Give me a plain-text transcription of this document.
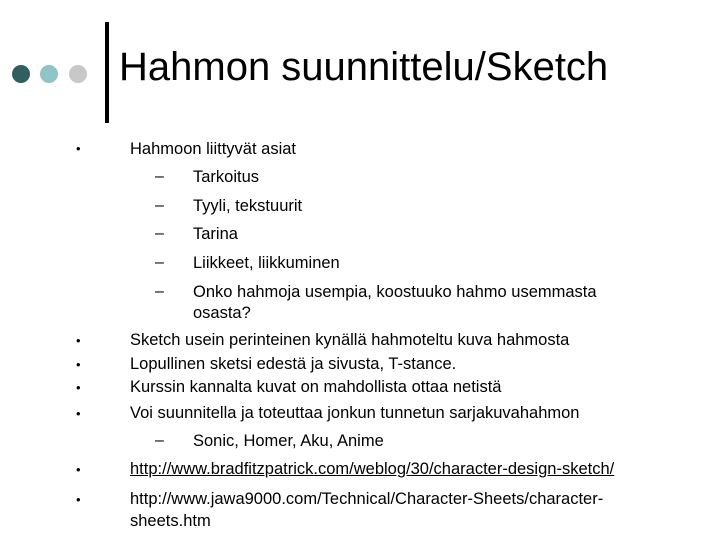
Hahmon suunnittelu/Sketch
•	Hahmoon liittyvät asiat
– Tarkoitus
– Tyyli, tekstuurit
– Tarina
– Liikkeet, liikkuminen
– Onko hahmoja usempia, koostuuko hahmo usemmasta
osasta?
•	Sketch usein perinteinen kynällä hahmoteltu kuva hahmosta
•	Lopullinen sketsi edestä ja sivusta, T-stance.
•	Kurssin kannalta kuvat on mahdollista ottaa netistä
•	Voi suunnitella ja toteuttaa jonkun tunnetun sarjakuvahahmon
– Sonic, Homer, Aku, Anime
•	http://www.bradfitzpatrick.com/weblog/30/character-design-sketch/
•	http://www.jawa9000.com/Technical/Character-Sheets/character-
sheets.htm
